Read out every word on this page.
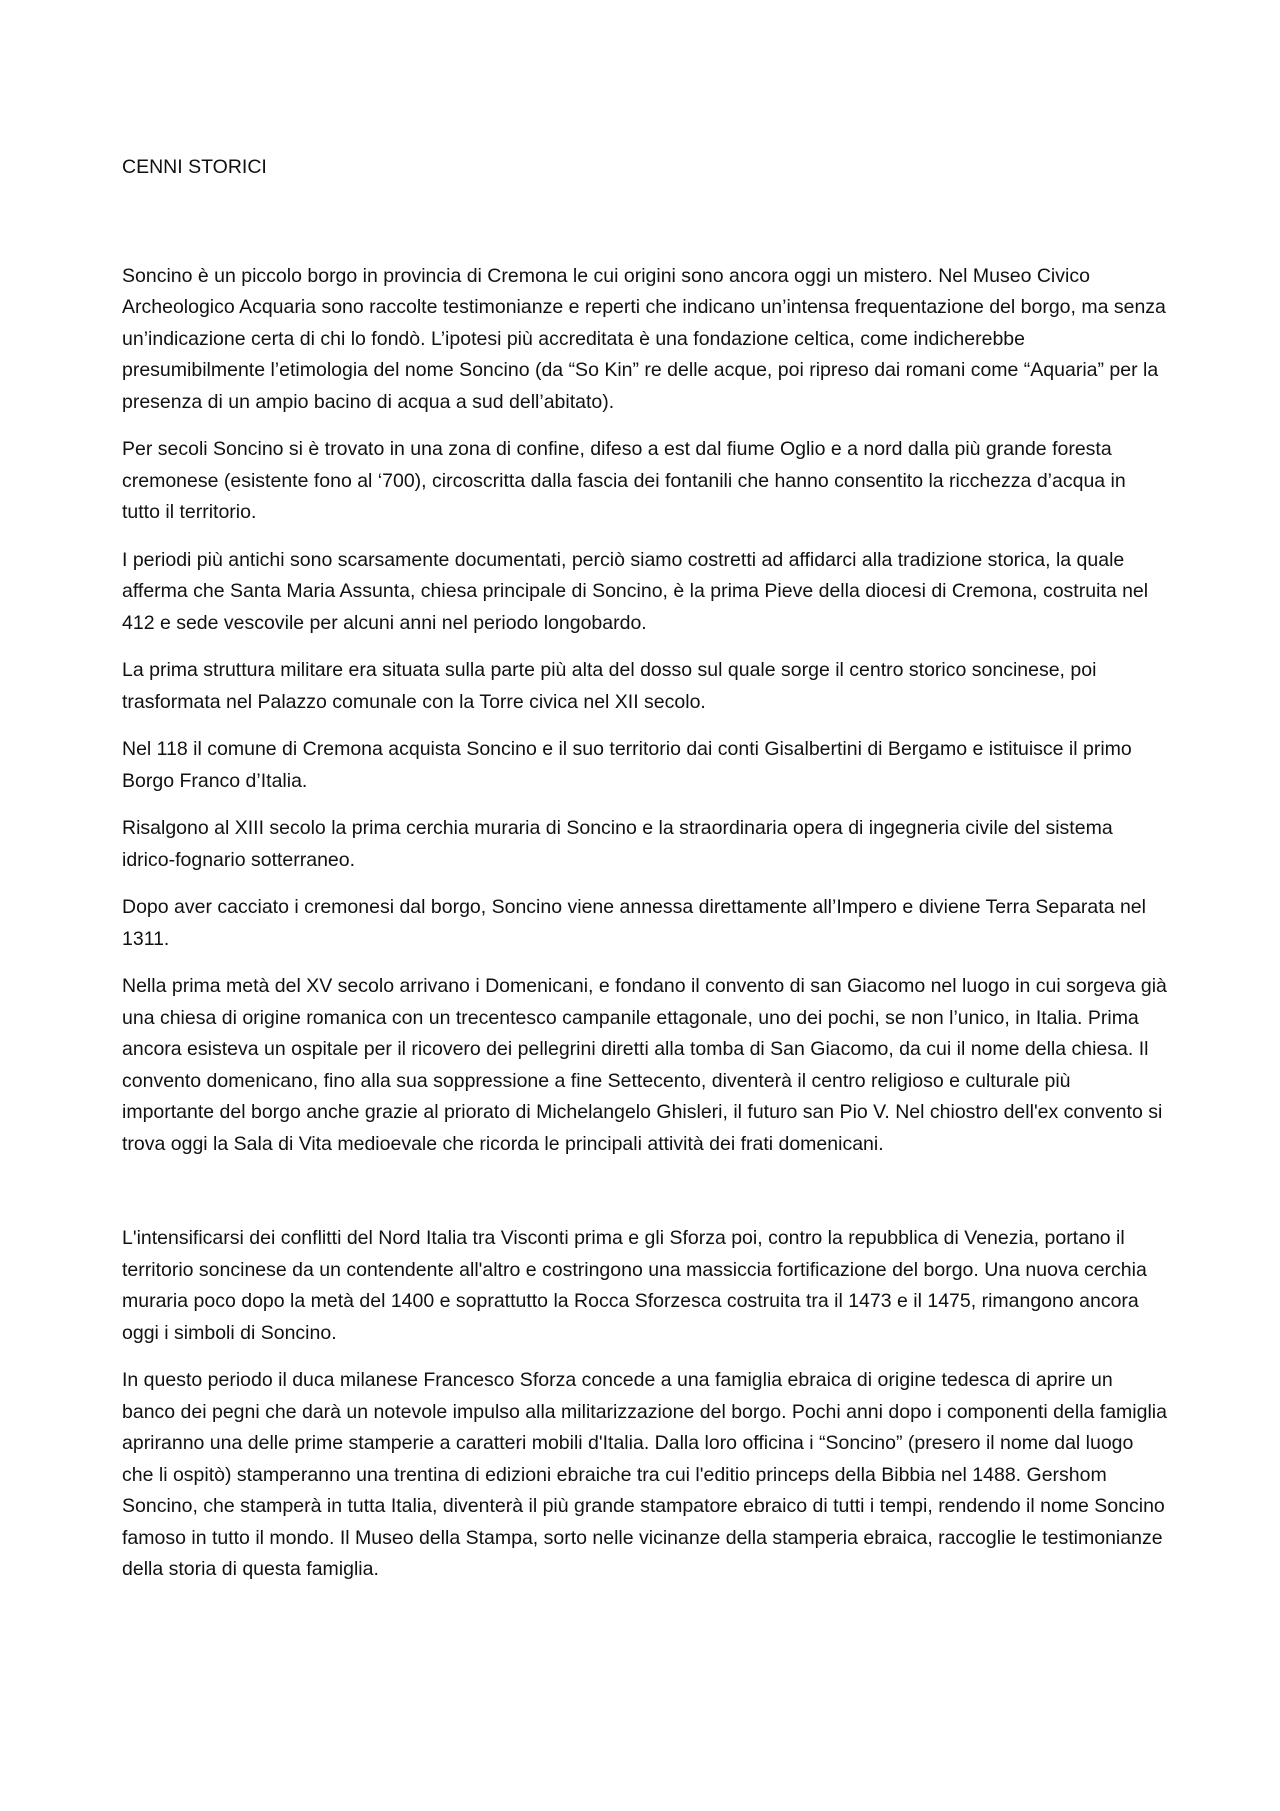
CENNI STORICI

Soncino è un piccolo borgo in provincia di Cremona le cui origini sono ancora oggi un mistero. Nel Museo Civico Archeologico Acquaria sono raccolte testimonianze e reperti che indicano un’intensa frequentazione del borgo, ma senza un’indicazione certa di chi lo fondò. L’ipotesi più accreditata è una fondazione celtica, come indicherebbe presumibilmente l’etimologia del nome Soncino (da “So Kin” re delle acque, poi ripreso dai romani come “Aquaria” per la presenza di un ampio bacino di acqua a sud dell’abitato).

Per secoli Soncino si è trovato in una zona di confine, difeso a est dal fiume Oglio e a nord dalla più grande foresta cremonese (esistente fono al ‘700), circoscritta dalla fascia dei fontanili che hanno consentito la ricchezza d’acqua in tutto il territorio.

I periodi più antichi sono scarsamente documentati, perciò siamo costretti ad affidarci alla tradizione storica, la quale afferma che Santa Maria Assunta, chiesa principale di Soncino, è la prima Pieve della diocesi di Cremona, costruita nel 412 e sede vescovile per alcuni anni nel periodo longobardo.

La prima struttura militare era situata sulla parte più alta del dosso sul quale sorge il centro storico soncinese, poi trasformata nel Palazzo comunale con la Torre civica nel XII secolo.

Nel 118 il comune di Cremona acquista Soncino e il suo territorio dai conti Gisalbertini di Bergamo e istituisce il primo Borgo Franco d’Italia.

Risalgono al XIII secolo la prima cerchia muraria di Soncino e la straordinaria opera di ingegneria civile del sistema idrico-fognario sotterraneo.

Dopo aver cacciato i cremonesi dal borgo, Soncino viene annessa direttamente all’Impero e diviene Terra Separata nel 1311.

Nella prima metà del XV secolo arrivano i Domenicani, e fondano il convento di san Giacomo nel luogo in cui sorgeva già una chiesa di origine romanica con un trecentesco campanile ettagonale, uno dei pochi, se non l’unico, in Italia. Prima ancora esisteva un ospitale per il ricovero dei pellegrini diretti alla tomba di San Giacomo, da cui il nome della chiesa. Il convento domenicano, fino alla sua soppressione a fine Settecento, diventerà il centro religioso e culturale più importante del borgo anche grazie al priorato di Michelangelo Ghisleri, il futuro san Pio V. Nel chiostro dell'ex convento si trova oggi la Sala di Vita medioevale che ricorda le principali attività dei frati domenicani.

L'intensificarsi dei conflitti del Nord Italia tra Visconti prima e gli Sforza poi, contro la repubblica di Venezia, portano il territorio soncinese da un contendente all'altro e costringono una massiccia fortificazione del borgo. Una nuova cerchia muraria poco dopo la metà del 1400 e soprattutto la Rocca Sforzesca costruita tra il 1473 e il 1475, rimangono ancora oggi i simboli di Soncino.

In questo periodo il duca milanese Francesco Sforza concede a una famiglia ebraica di origine tedesca di aprire un banco dei pegni che darà un notevole impulso alla militarizzazione del borgo. Pochi anni dopo i componenti della famiglia apriranno una delle prime stamperie a caratteri mobili d'Italia. Dalla loro officina i “Soncino” (presero il nome dal luogo che li ospitò) stamperanno una trentina di edizioni ebraiche tra cui l'editio princeps della Bibbia nel 1488. Gershom Soncino, che stamperà in tutta Italia, diventerà il più grande stampatore ebraico di tutti i tempi, rendendo il nome Soncino famoso in tutto il mondo. Il Museo della Stampa, sorto nelle vicinanze della stamperia ebraica, raccoglie le testimonianze della storia di questa famiglia.
